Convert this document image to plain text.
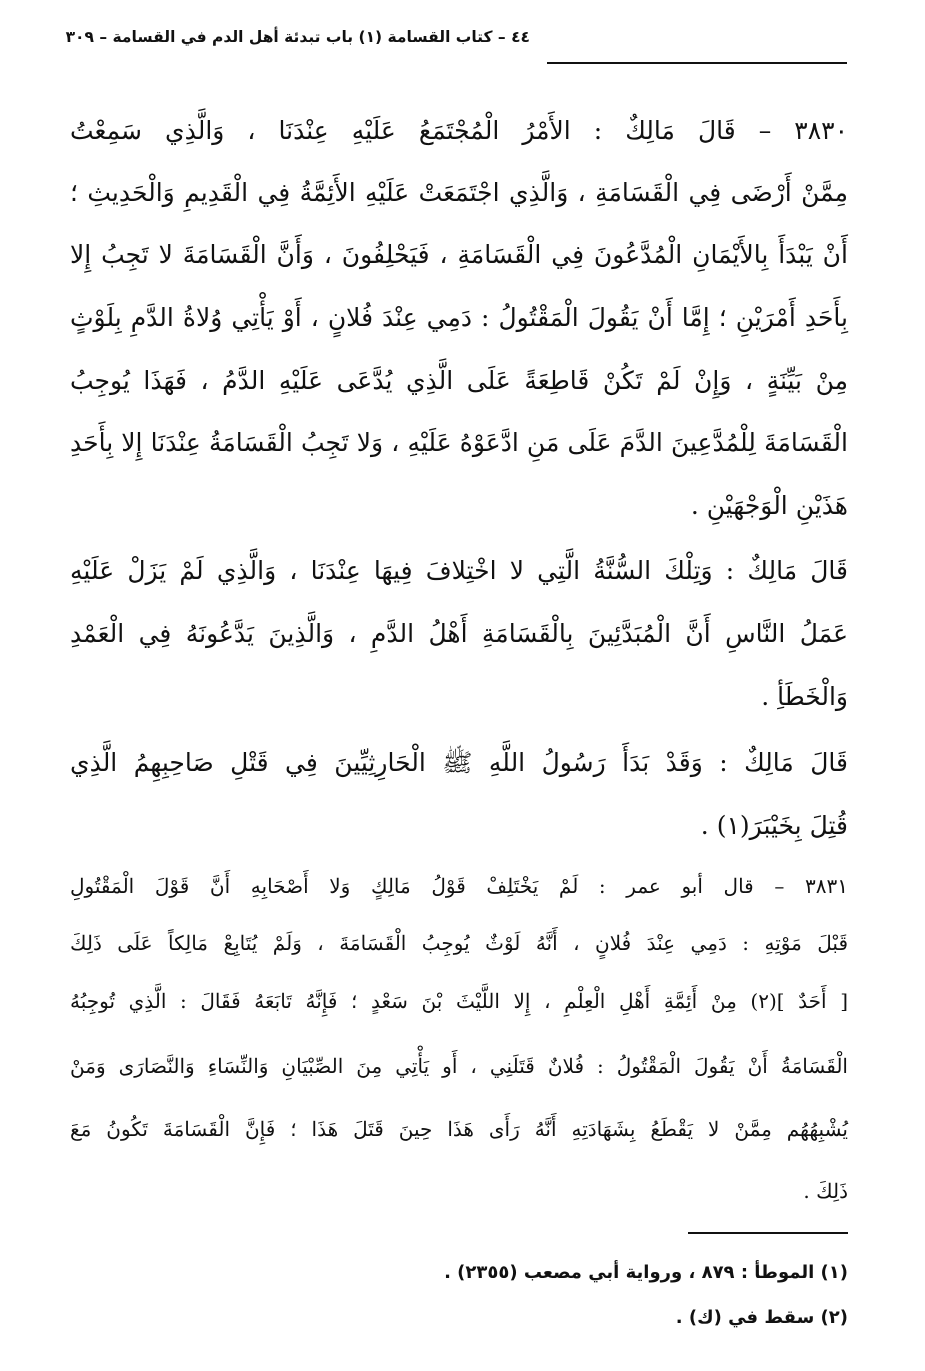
٤٤ – كتاب القسامة (١) باب تبدئة أهل الدم في القسامة – ٣٠٩
٣٨٣٠ – قَالَ مَالِكٌ : الأَمْرُ الْمُجْتَمَعُ عَلَيْهِ عِنْدَنَا ، وَالَّذِي سَمِعْتُ
مِمَّنْ أَرْضَى فِي الْقَسَامَةِ ، وَالَّذِي اجْتَمَعَتْ عَلَيْهِ الأَئِمَّةُ فِي الْقَدِيمِ وَالْحَدِيثِ ؛
أَنْ يَبْدَأَ بِالأَيْمَانِ الْمُدَّعُونَ فِي الْقَسَامَةِ ، فَيَحْلِفُونَ ، وَأَنَّ الْقَسَامَةَ لا تَجِبُ إِلا
بِأَحَدِ أَمْرَيْنِ ؛ إِمَّا أَنْ يَقُولَ الْمَقْتُولُ : دَمِي عِنْدَ فُلانٍ ، أَوْ يَأْتِي وُلاةُ الدَّمِ بِلَوْثٍ
مِنْ بَيِّنَةٍ ، وَإِنْ لَمْ تَكُنْ قَاطِعَةً عَلَى الَّذِي يُدَّعَى عَلَيْهِ الدَّمُ ، فَهَذَا يُوجِبُ
الْقَسَامَةَ لِلْمُدَّعِينَ الدَّمَ عَلَى مَنِ ادَّعَوْهُ عَلَيْهِ ، وَلا تَجِبُ الْقَسَامَةُ عِنْدَنَا إِلا بِأَحَدِ
هَذَيْنِ الْوَجْهَيْنِ .
قَالَ مَالِكٌ : وَتِلْكَ السُّنَّةُ الَّتِي لا اخْتِلافَ فِيهَا عِنْدَنَا ، وَالَّذِي لَمْ يَزَلْ عَلَيْهِ
عَمَلُ النَّاسِ أَنَّ الْمُبَدَّئِينَ بِالْقَسَامَةِ أَهْلُ الدَّمِ ، وَالَّذِينَ يَدَّعُونَهُ فِي الْعَمْدِ
وَالْخَطَأِ .
قَالَ مَالِكٌ : وَقَدْ بَدَأَ رَسُولُ اللَّهِ ﷺ الْحَارِثِيِّينَ فِي قَتْلِ صَاحِبِهِمُ الَّذِي
قُتِلَ بِخَيْبَرَ(١) .
٣٨٣١ – قال أبو عمر : لَمْ يَخْتَلِفْ قَوْلُ مَالِكٍ وَلا أَصْحَابِهِ أَنَّ قَوْلَ الْمَقْتُولِ
قَبْلَ مَوْتِهِ : دَمِي عِنْدَ فُلانٍ ، أَنَّهُ لَوْثٌ يُوجِبُ الْقَسَامَةَ ، وَلَمْ يُتَابِعْ مَالِكاً عَلَى ذَلِكَ
[ أَحَدٌ ](٢) مِنْ أَئِمَّةِ أَهْلِ الْعِلْمِ ، إِلا اللَّيْثَ بْنَ سَعْدٍ ؛ فَإِنَّهُ تَابَعَهُ فَقَالَ : الَّذِي تُوجِبُهُ
الْقَسَامَةُ أَنْ يَقُولَ الْمَقْتُولُ : فُلانٌ قَتَلَنِي ، أَو يَأْتِي مِنَ الصِّبْيَانِ وَالنِّسَاءِ وَالنَّصَارَى وَمَنْ
يُشْبِهُهُم مِمَّنْ لا يَقْطَعُ بِشَهَادَتِهِ أَنَّهُ رَأَى هَذَا حِينَ قَتَلَ هَذَا ؛ فَإِنَّ الْقَسَامَةَ تَكُونُ مَعَ
ذَلِكَ .
(١) الموطأ : ٨٧٩ ، ورواية أبي مصعب (٢٣٥٥) .
(٢) سقط في (ك) .
